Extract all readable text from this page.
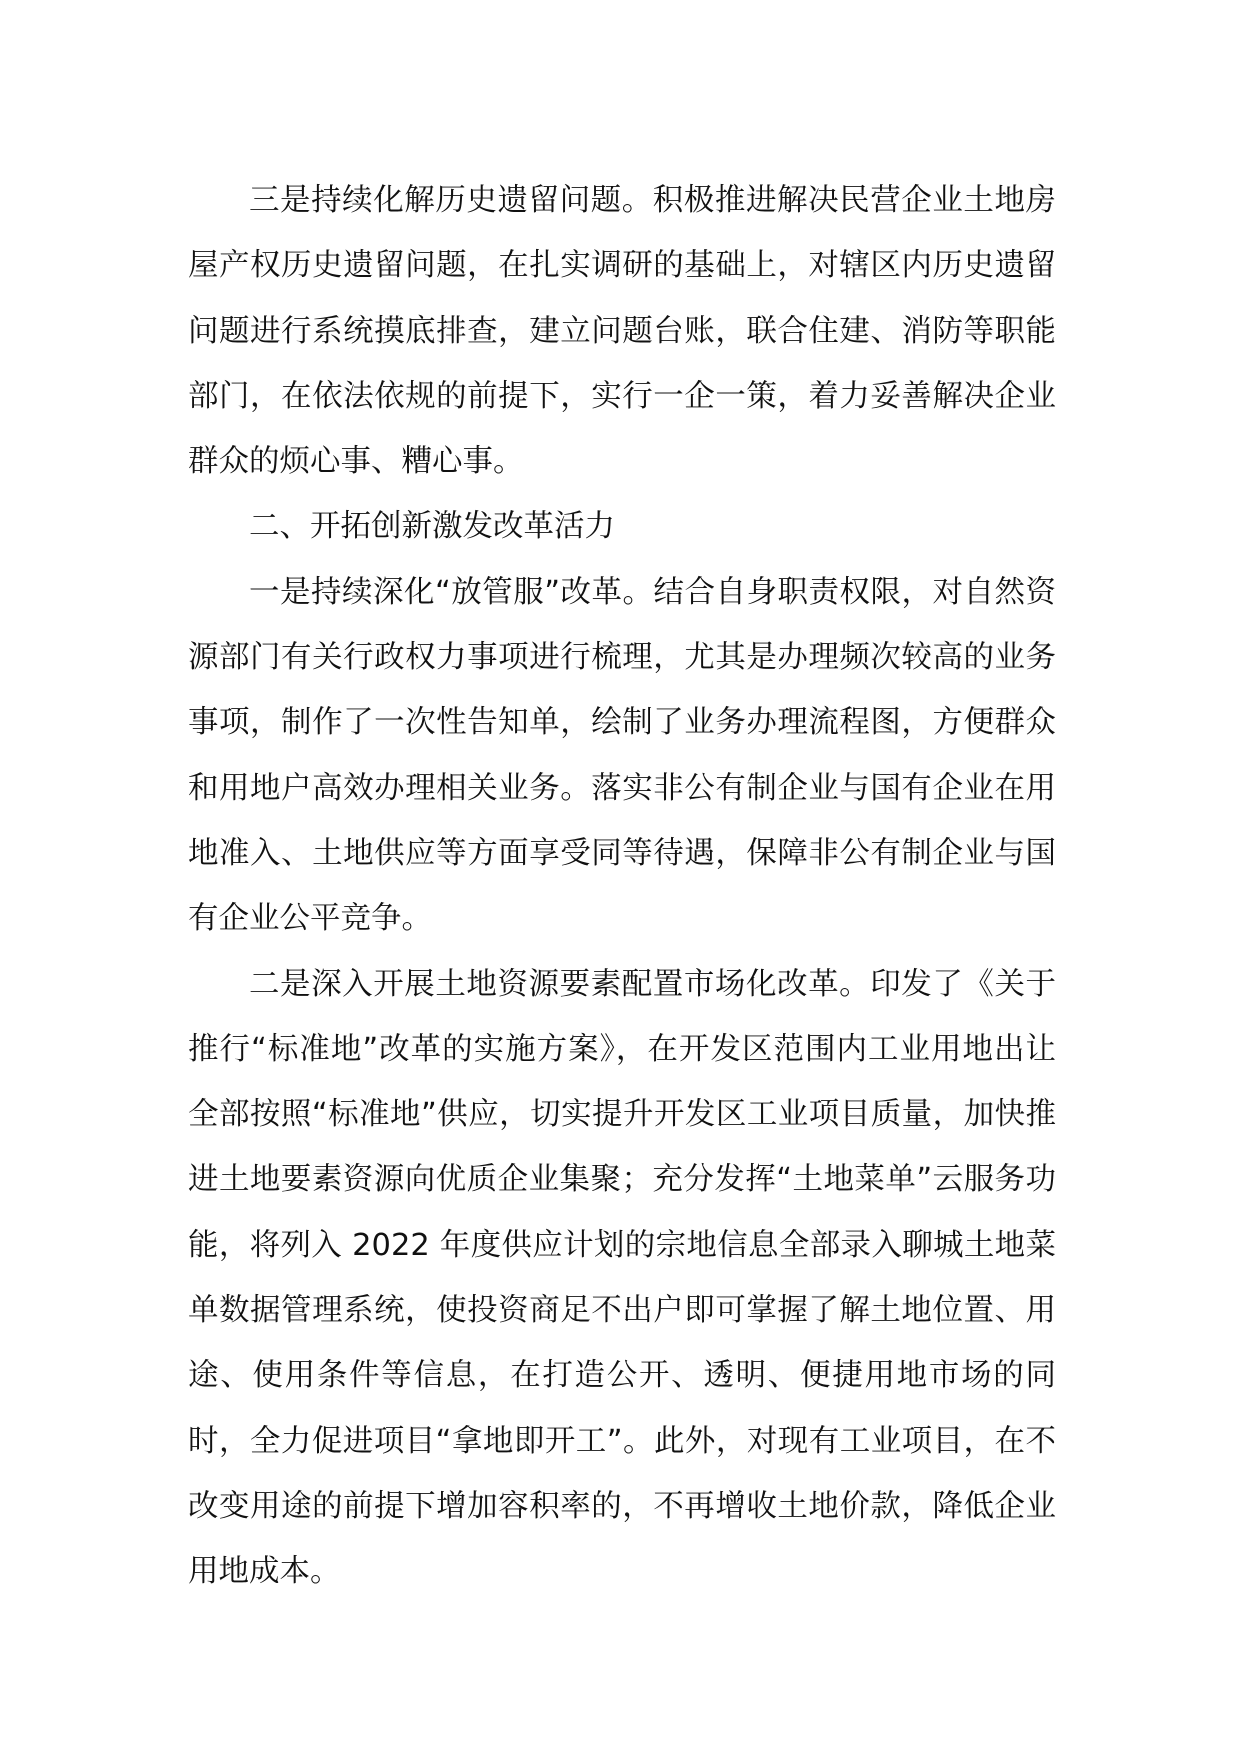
三是持续化解历史遗留问题。积极推进解决民营企业土地房屋产权历史遗留问题，在扎实调研的基础上，对辖区内历史遗留问题进行系统摸底排查，建立问题台账，联合住建、消防等职能部门，在依法依规的前提下，实行一企一策，着力妥善解决企业群众的烦心事、糟心事。

二、开拓创新激发改革活力

一是持续深化“放管服”改革。结合自身职责权限，对自然资源部门有关行政权力事项进行梳理，尤其是办理频次较高的业务事项，制作了一次性告知单，绘制了业务办理流程图，方便群众和用地户高效办理相关业务。落实非公有制企业与国有企业在用地准入、土地供应等方面享受同等待遇，保障非公有制企业与国有企业公平竞争。

二是深入开展土地资源要素配置市场化改革。印发了《关于推行“标准地”改革的实施方案》，在开发区范围内工业用地出让全部按照“标准地”供应，切实提升开发区工业项目质量，加快推进土地要素资源向优质企业集聚；充分发挥“土地菜单”云服务功能，将列入 2022 年度供应计划的宗地信息全部录入聊城土地菜单数据管理系统，使投资商足不出户即可掌握了解土地位置、用途、使用条件等信息，在打造公开、透明、便捷用地市场的同时，全力促进项目“拿地即开工”。此外，对现有工业项目，在不改变用途的前提下增加容积率的，不再增收土地价款，降低企业用地成本。
